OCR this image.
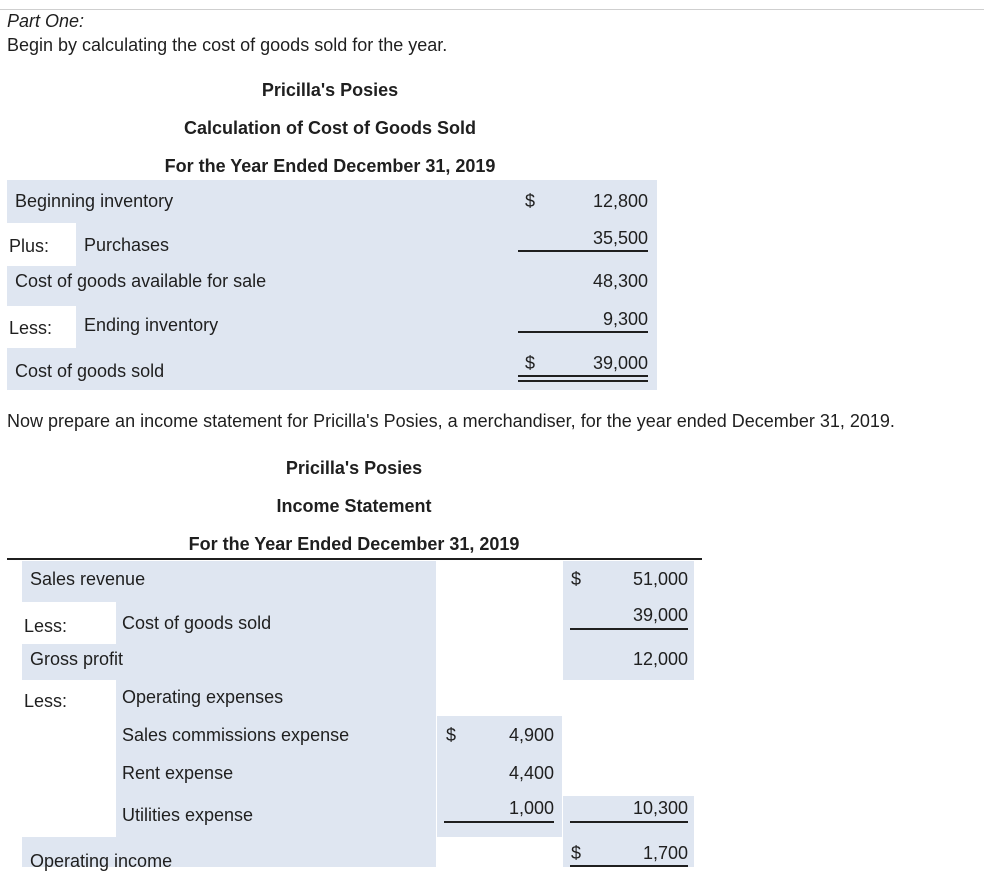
Part One:
Begin by calculating the cost of goods sold for the year.
Pricilla's Posies
Calculation of Cost of Goods Sold
For the Year Ended December 31, 2019
Beginning inventory	$	12,800
Plus: Purchases	35,500
Cost of goods available for sale	48,300
Less: Ending inventory	9,300
Cost of goods sold	$	39,000
Now prepare an income statement for Pricilla's Posies, a merchandiser, for the year ended December 31, 2019.
Pricilla's Posies
Income Statement
For the Year Ended December 31, 2019
Sales revenue	$	51,000
Less:	Cost of goods sold	39,000
Gross profit	12,000
Less:	Operating expenses
Sales commissions expense	$	4,900
Rent expense	4,400
Utilities expense	1,000	10,300
Operating income	$	1,700
